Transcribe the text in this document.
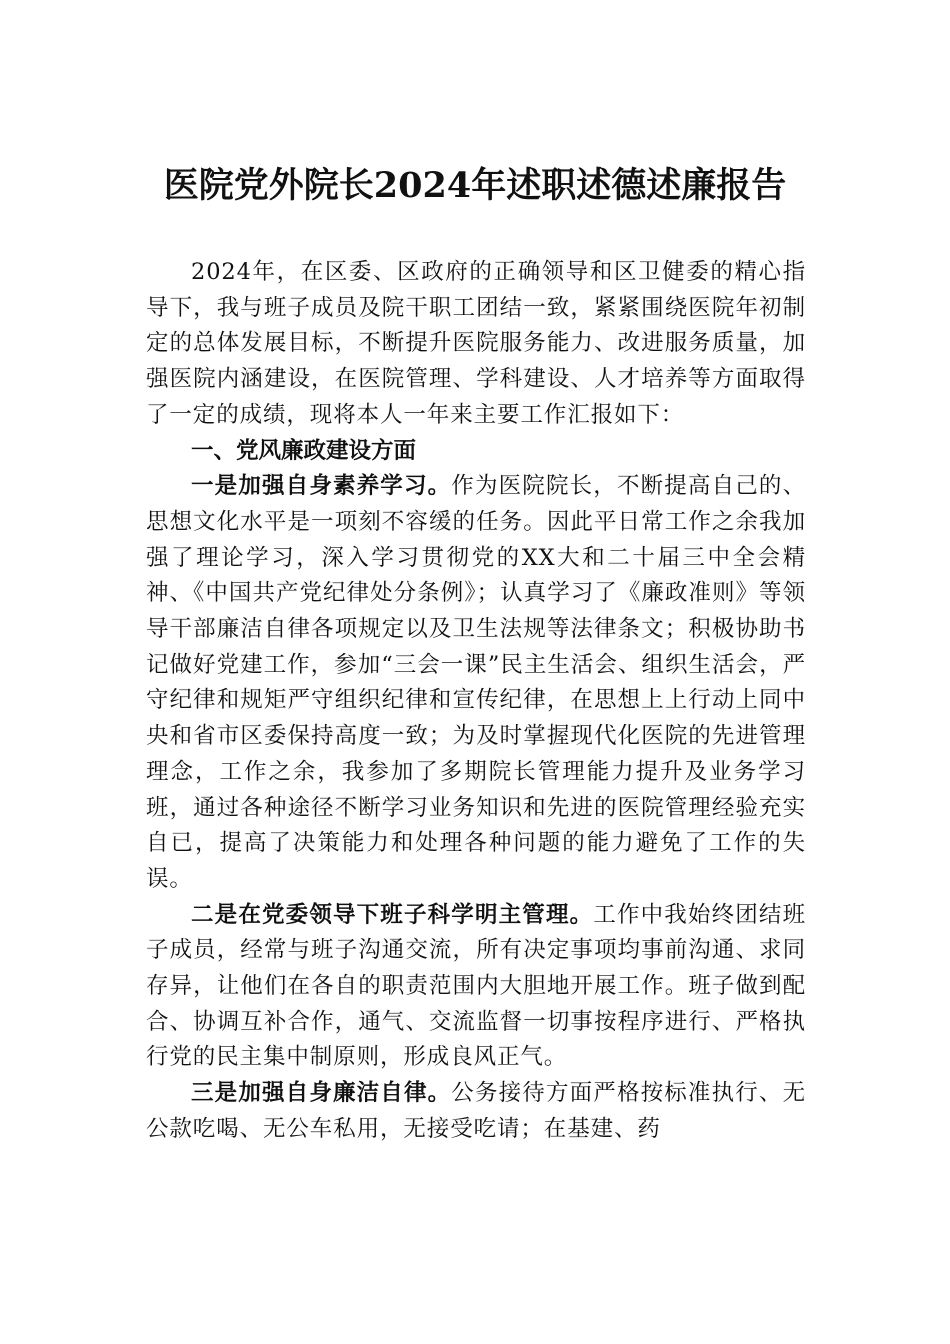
医院党外院长2024年述职述德述廉报告

2024年，在区委、区政府的正确领导和区卫健委的精心指导下，我与班子成员及院干职工团结一致，紧紧围绕医院年初制定的总体发展目标，不断提升医院服务能力、改进服务质量，加强医院内涵建设，在医院管理、学科建设、人才培养等方面取得了一定的成绩，现将本人一年来主要工作汇报如下：

一、党风廉政建设方面

一是加强自身素养学习。作为医院院长，不断提高自己的、思想文化水平是一项刻不容缓的任务。因此平日常工作之余我加强了理论学习，深入学习贯彻党的XX大和二十届三中全会精神、《中国共产党纪律处分条例》；认真学习了《廉政准则》等领导干部廉洁自律各项规定以及卫生法规等法律条文；积极协助书记做好党建工作，参加“三会一课”民主生活会、组织生活会，严守纪律和规矩严守组织纪律和宣传纪律，在思想上上行动上同中央和省市区委保持高度一致；为及时掌握现代化医院的先进管理理念，工作之余，我参加了多期院长管理能力提升及业务学习班，通过各种途径不断学习业务知识和先进的医院管理经验充实自已，提高了决策能力和处理各种问题的能力避免了工作的失误。

二是在党委领导下班子科学明主管理。工作中我始终团结班子成员，经常与班子沟通交流，所有决定事项均事前沟通、求同存异，让他们在各自的职责范围内大胆地开展工作。班子做到配合、协调互补合作，通气、交流监督一切事按程序进行、严格执行党的民主集中制原则，形成良风正气。

三是加强自身廉洁自律。公务接待方面严格按标准执行、无公款吃喝、无公车私用，无接受吃请；在基建、药
